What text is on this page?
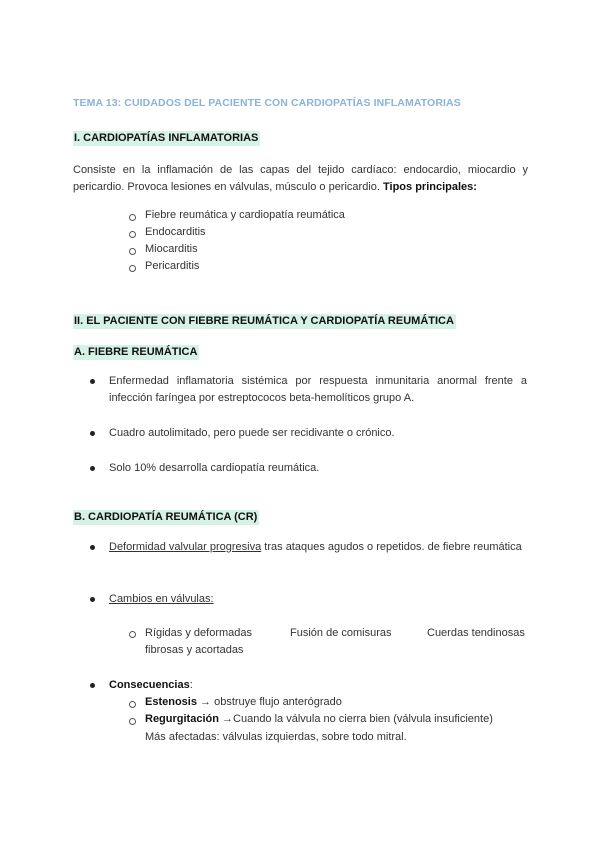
TEMA 13: CUIDADOS DEL PACIENTE CON CARDIOPATÍAS INFLAMATORIAS
I. CARDIOPATÍAS INFLAMATORIAS
Consiste en la inflamación de las capas del tejido cardíaco: endocardio, miocardio y pericardio. Provoca lesiones en válvulas, músculo o pericardio. Tipos principales:
Fiebre reumática y cardiopatía reumática
Endocarditis
Miocarditis
Pericarditis
II. EL PACIENTE CON FIEBRE REUMÁTICA Y CARDIOPATÍA REUMÁTICA
A. FIEBRE REUMÁTICA
Enfermedad inflamatoria sistémica por respuesta inmunitaria anormal frente a infección faríngea por estreptococos beta-hemolíticos grupo A.
Cuadro autolimitado, pero puede ser recidivante o crónico.
Solo 10% desarrolla cardiopatía reumática.
B. CARDIOPATÍA REUMÁTICA (CR)
Deformidad valvular progresiva tras ataques agudos o repetidos. de fiebre reumática
Cambios en válvulas:
Rígidas y deformadas	Fusión de comisuras	Cuerdas tendinosas
fibrosas y acortadas
Consecuencias:
Estenosis → obstruye flujo anterógrado
Regurgitación →Cuando la válvula no cierra bien (válvula insuficiente)
Más afectadas: válvulas izquierdas, sobre todo mitral.
